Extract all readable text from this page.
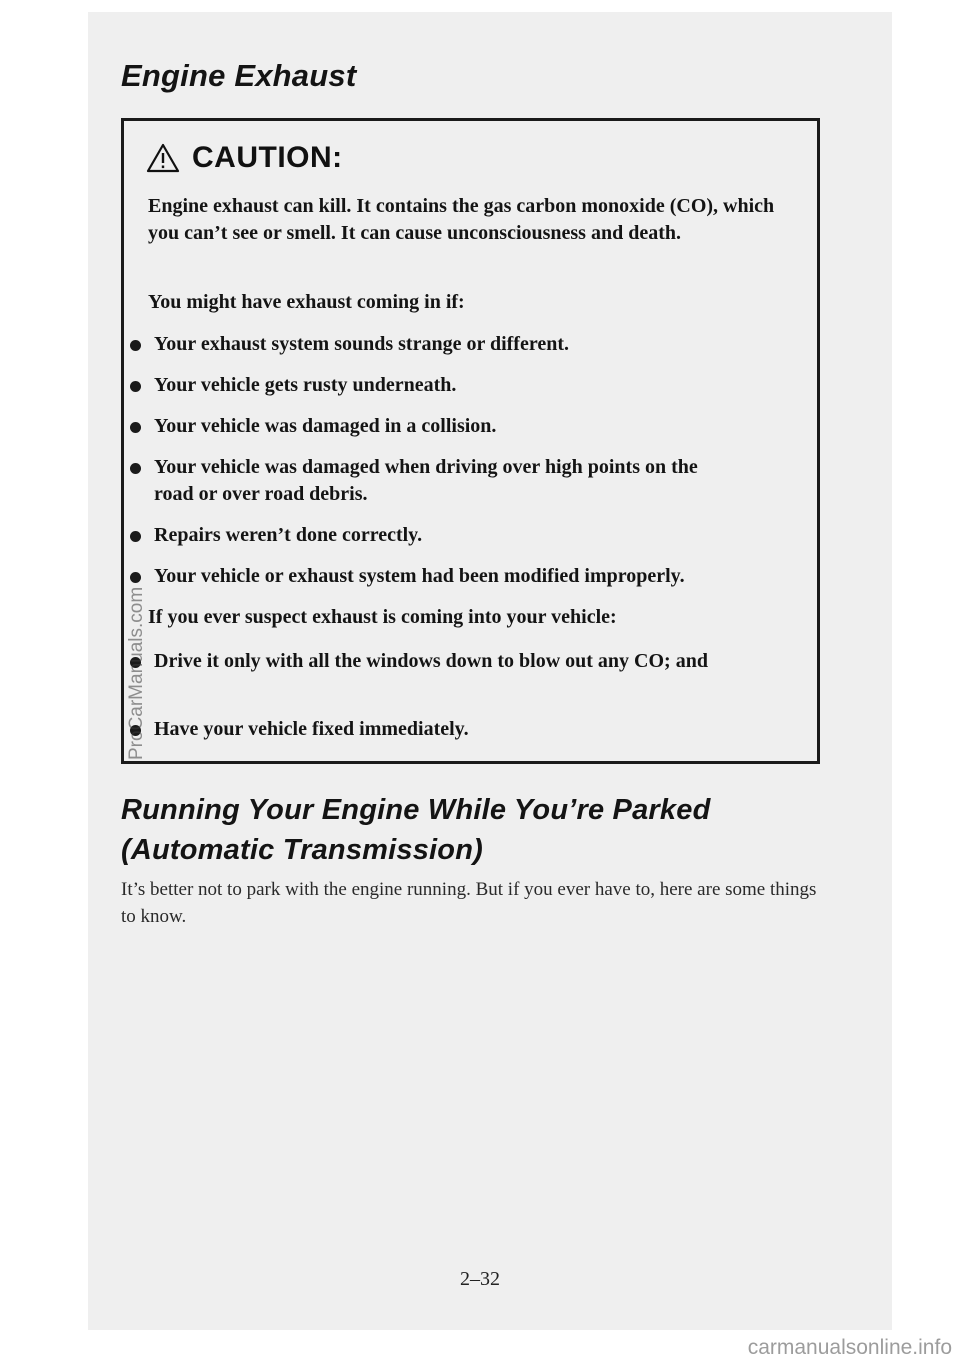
Engine Exhaust
CAUTION:

Engine exhaust can kill. It contains the gas carbon monoxide (CO), which you can’t see or smell. It can cause unconsciousness and death.

You might have exhaust coming in if:

Your exhaust system sounds strange or different.
Your vehicle gets rusty underneath.
Your vehicle was damaged in a collision.
Your vehicle was damaged when driving over high points on the road or over road debris.
Repairs weren’t done correctly.
Your vehicle or exhaust system had been modified improperly.

If you ever suspect exhaust is coming into your vehicle:

Drive it only with all the windows down to blow out any CO; and
Have your vehicle fixed immediately.
Running Your Engine While You’re Parked (Automatic Transmission)

It’s better not to park with the engine running. But if you ever have to, here are some things to know.

2–32
ProCarManuals.com
carmanualsonline.info
